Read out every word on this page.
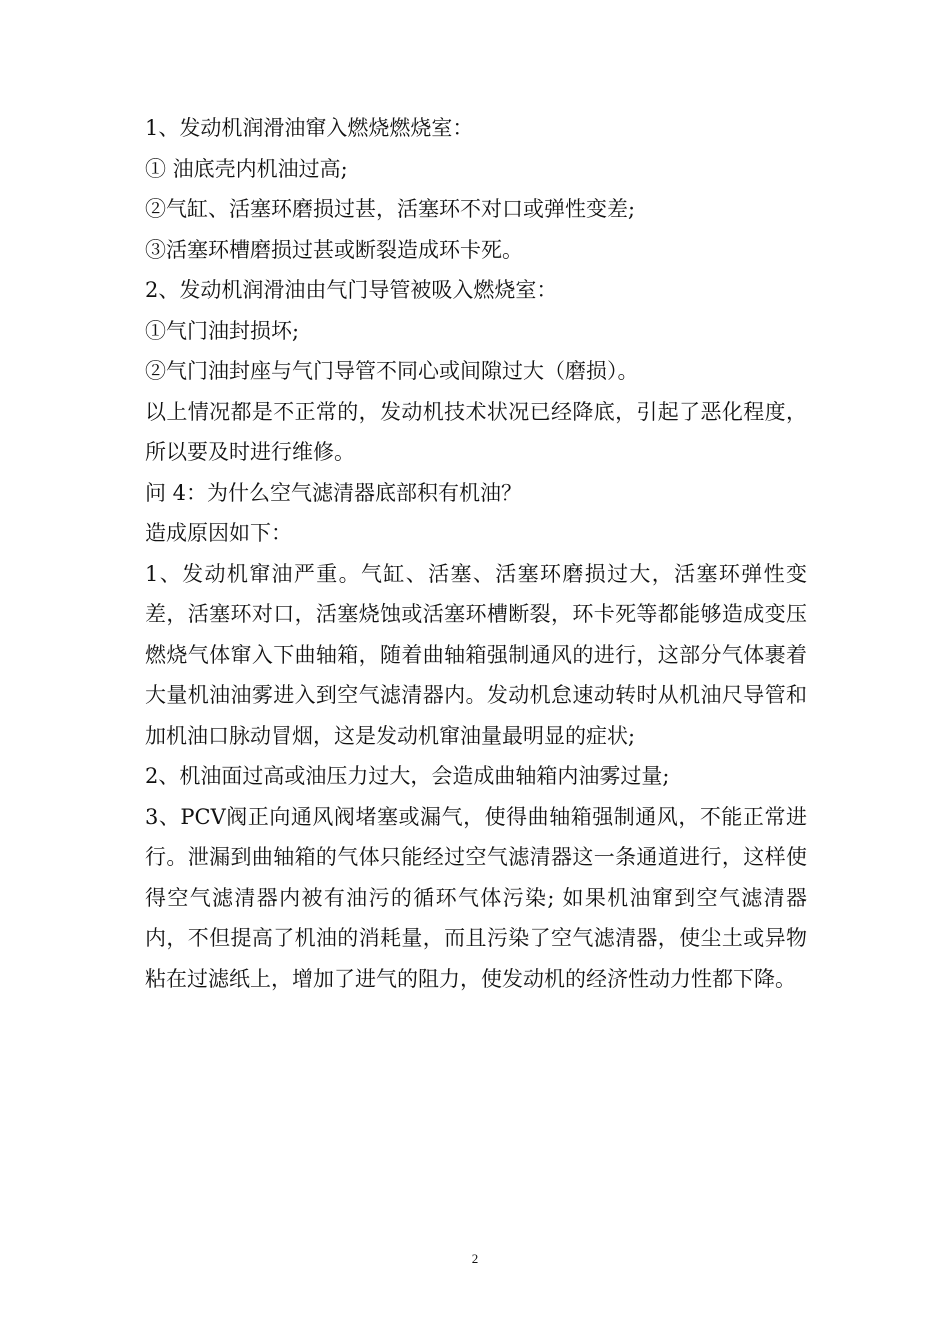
1、发动机润滑油窜入燃烧燃烧室：

① 油底壳内机油过高;

②气缸、活塞环磨损过甚，活塞环不对口或弹性变差;

③活塞环槽磨损过甚或断裂造成环卡死。

2、发动机润滑油由气门导管被吸入燃烧室：

①气门油封损坏;

②气门油封座与气门导管不同心或间隙过大（磨损）。

以上情况都是不正常的，发动机技术状况已经降底，引起了恶化程度，所以要及时进行维修。

问 4：为什么空气滤清器底部积有机油？

造成原因如下：

1、发动机窜油严重。气缸、活塞、活塞环磨损过大，活塞环弹性变差，活塞环对口，活塞烧蚀或活塞环槽断裂，环卡死等都能够造成变压燃烧气体窜入下曲轴箱，随着曲轴箱强制通风的进行，这部分气体裹着大量机油油雾进入到空气滤清器内。发动机怠速动转时从机油尺导管和加机油口脉动冒烟，这是发动机窜油量最明显的症状;

2、机油面过高或油压力过大，会造成曲轴箱内油雾过量;

3、PCV阀正向通风阀堵塞或漏气，使得曲轴箱强制通风，不能正常进行。泄漏到曲轴箱的气体只能经过空气滤清器这一条通道进行，这样使得空气滤清器内被有油污的循环气体污染; 如果机油窜到空气滤清器内，不但提高了机油的消耗量，而且污染了空气滤清器，使尘土或异物粘在过滤纸上，增加了进气的阻力，使发动机的经济性动力性都下降。

2
